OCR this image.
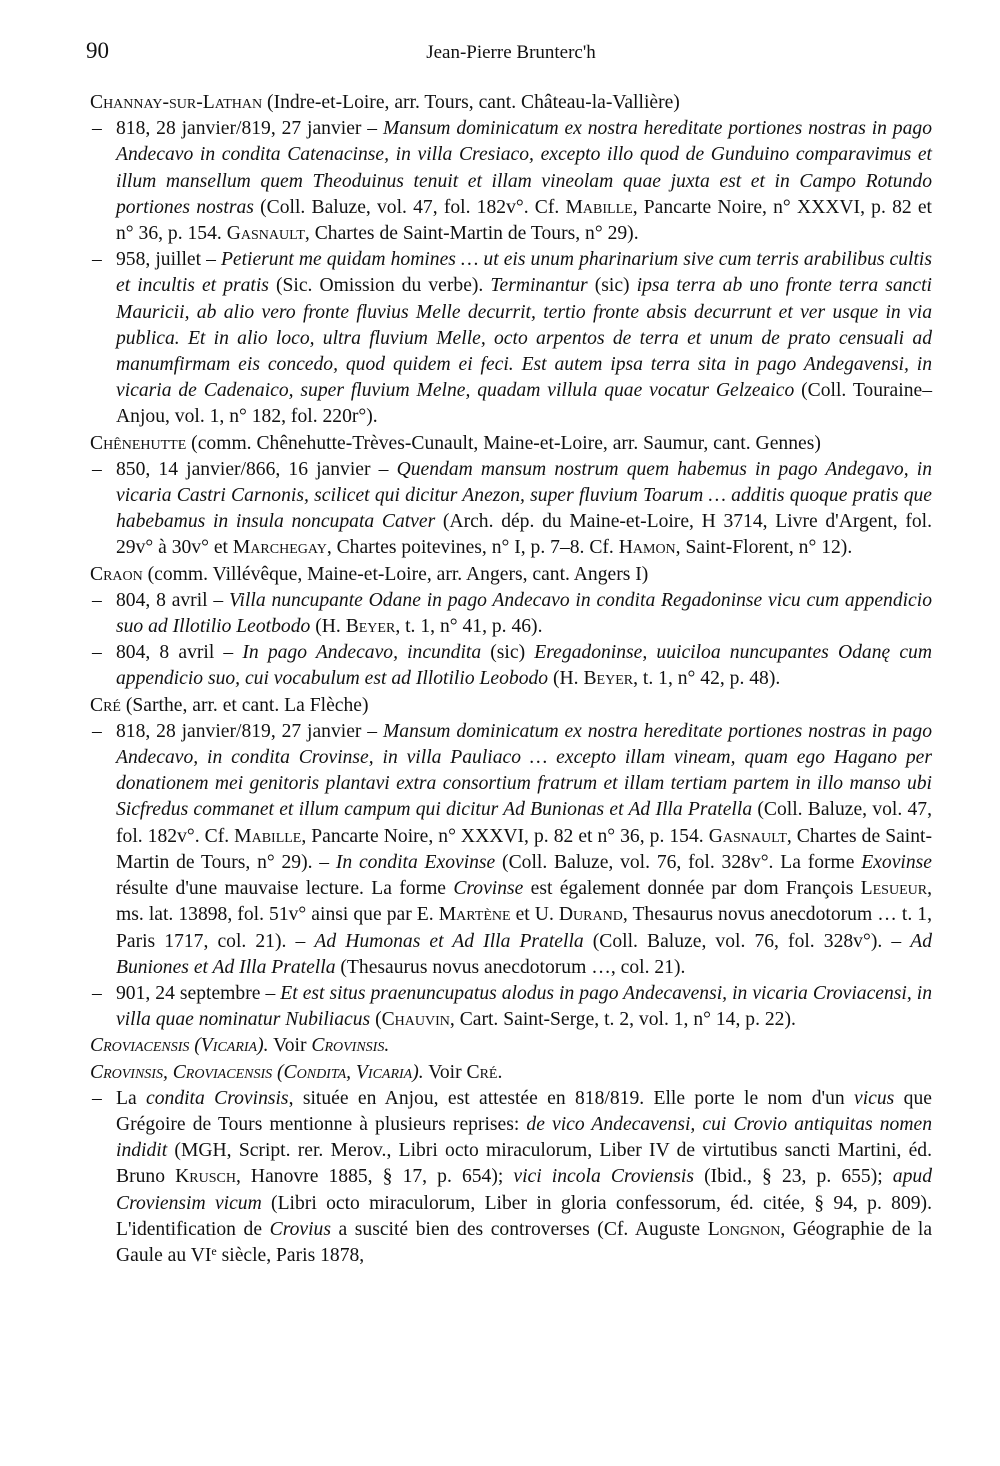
90	Jean-Pierre Brunterc'h

Channay-sur-Lathan (Indre-et-Loire, arr. Tours, cant. Château-la-Vallière)

– 818, 28 janvier/819, 27 janvier – Mansum dominicatum ex nostra hereditate portiones nostras in pago Andecavo in condita Catenacinse, in villa Cresiaco, excepto illo quod de Gunduino comparavimus et illum mansellum quem Theoduinus tenuit et illam vineolam quae juxta est et in Campo Rotundo portiones nostras (Coll. Baluze, vol. 47, fol. 182v°. Cf. Mabille, Pancarte Noire, n° XXXVI, p. 82 et n° 36, p. 154. Gasnault, Chartes de Saint-Martin de Tours, n° 29).

– 958, juillet – Petierunt me quidam homines … ut eis unum pharinarium sive cum terris arabilibus cultis et incultis et pratis (Sic. Omission du verbe). Terminantur (sic) ipsa terra ab uno fronte terra sancti Mauricii, ab alio vero fronte fluvius Melle decurrit, tertio fronte absis decurrunt et ver usque in via publica. Et in alio loco, ultra fluvium Melle, octo arpentos de terra et unum de prato censuali ad manumfirmam eis concedo, quod quidem ei feci. Est autem ipsa terra sita in pago Andegavensi, in vicaria de Cadenaico, super fluvium Melne, quadam villula quae vocatur Gelzeaico (Coll. Touraine–Anjou, vol. 1, n° 182, fol. 220r°).

Chênehutte (comm. Chênehutte-Trèves-Cunault, Maine-et-Loire, arr. Saumur, cant. Gennes)

– 850, 14 janvier/866, 16 janvier – Quendam mansum nostrum quem habemus in pago Andegavo, in vicaria Castri Carnonis, scilicet qui dicitur Anezon, super fluvium Toarum … additis quoque pratis que habebamus in insula noncupata Catver (Arch. dép. du Maine-et-Loire, H 3714, Livre d'Argent, fol. 29v° à 30v° et Marchegay, Chartes poitevines, n° I, p. 7–8. Cf. Hamon, Saint-Florent, n° 12).

Craon (comm. Villévêque, Maine-et-Loire, arr. Angers, cant. Angers I)

– 804, 8 avril – Villa nuncupante Odane in pago Andecavo in condita Regadoninse vicu cum appendicio suo ad Illotilio Leotbodo (H. Beyer, t. 1, n° 41, p. 46).

– 804, 8 avril – In pago Andecavo, incundita (sic) Eregadoninse, uuiciloa nuncupantes Odanę cum appendicio suo, cui vocabulum est ad Illotilio Leobodo (H. Beyer, t. 1, n° 42, p. 48).

Cré (Sarthe, arr. et cant. La Flèche)

– 818, 28 janvier/819, 27 janvier – Mansum dominicatum ex nostra hereditate portiones nostras in pago Andecavo, in condita Crovinse, in villa Pauliaco … excepto illam vineam, quam ego Hagano per donationem mei genitoris plantavi extra consortium fratrum et illam tertiam partem in illo manso ubi Sicfredus commanet et illum campum qui dicitur Ad Bunionas et Ad Illa Pratella (Coll. Baluze, vol. 47, fol. 182v°. Cf. Mabille, Pancarte Noire, n° XXXVI, p. 82 et n° 36, p. 154. Gasnault, Chartes de Saint-Martin de Tours, n° 29). – In condita Exovinse (Coll. Baluze, vol. 76, fol. 328v°. La forme Exovinse résulte d'une mauvaise lecture. La forme Crovinse est également donnée par dom François Lesueur, ms. lat. 13898, fol. 51v° ainsi que par E. Martène et U. Durand, Thesaurus novus anecdotorum … t. 1, Paris 1717, col. 21). – Ad Humonas et Ad Illa Pratella (Coll. Baluze, vol. 76, fol. 328v°). – Ad Buniones et Ad Illa Pratella (Thesaurus novus anecdotorum …, col. 21).

– 901, 24 septembre – Et est situs praenuncupatus alodus in pago Andecavensi, in vicaria Croviacensi, in villa quae nominatur Nubiliacus (Chauvin, Cart. Saint-Serge, t. 2, vol. 1, n° 14, p. 22).

Croviacensis (Vicaria). Voir Crovinsis.

Crovinsis, Croviacensis (Condita, Vicaria). Voir Cré.

– La condita Crovinsis, située en Anjou, est attestée en 818/819. Elle porte le nom d'un vicus que Grégoire de Tours mentionne à plusieurs reprises: de vico Andecavensi, cui Crovio antiquitas nomen indidit (MGH, Script. rer. Merov., Libri octo miraculorum, Liber IV de virtutibus sancti Martini, éd. Bruno Krusch, Hanovre 1885, § 17, p. 654); vici incola Croviensis (Ibid., § 23, p. 655); apud Croviensim vicum (Libri octo miraculorum, Liber in gloria confessorum, éd. citée, § 94, p. 809). L'identification de Crovius a suscité bien des controverses (Cf. Auguste Longnon, Géographie de la Gaule au VIe siècle, Paris 1878,
